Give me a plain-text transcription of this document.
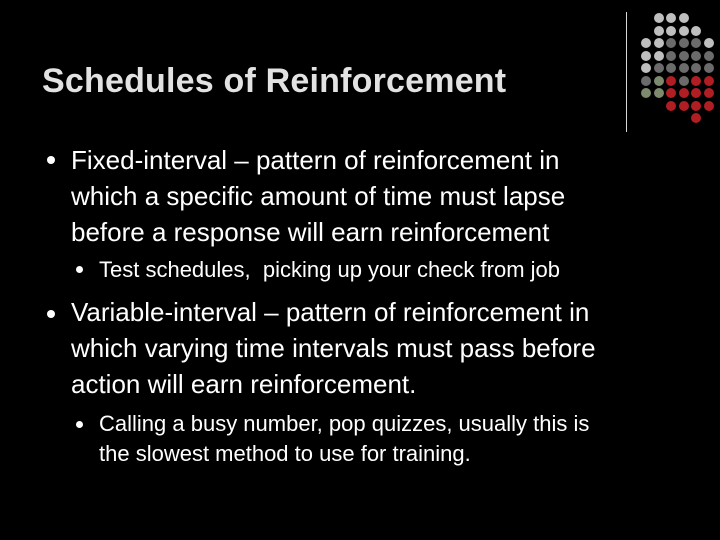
Schedules of Reinforcement
Fixed-interval – pattern of reinforcement in
which a specific amount of time must lapse
before a response will earn reinforcement
Test schedules,  picking up your check from job
Variable-interval – pattern of reinforcement in
which varying time intervals must pass before
action will earn reinforcement.
Calling a busy number, pop quizzes, usually this is
the slowest method to use for training.
